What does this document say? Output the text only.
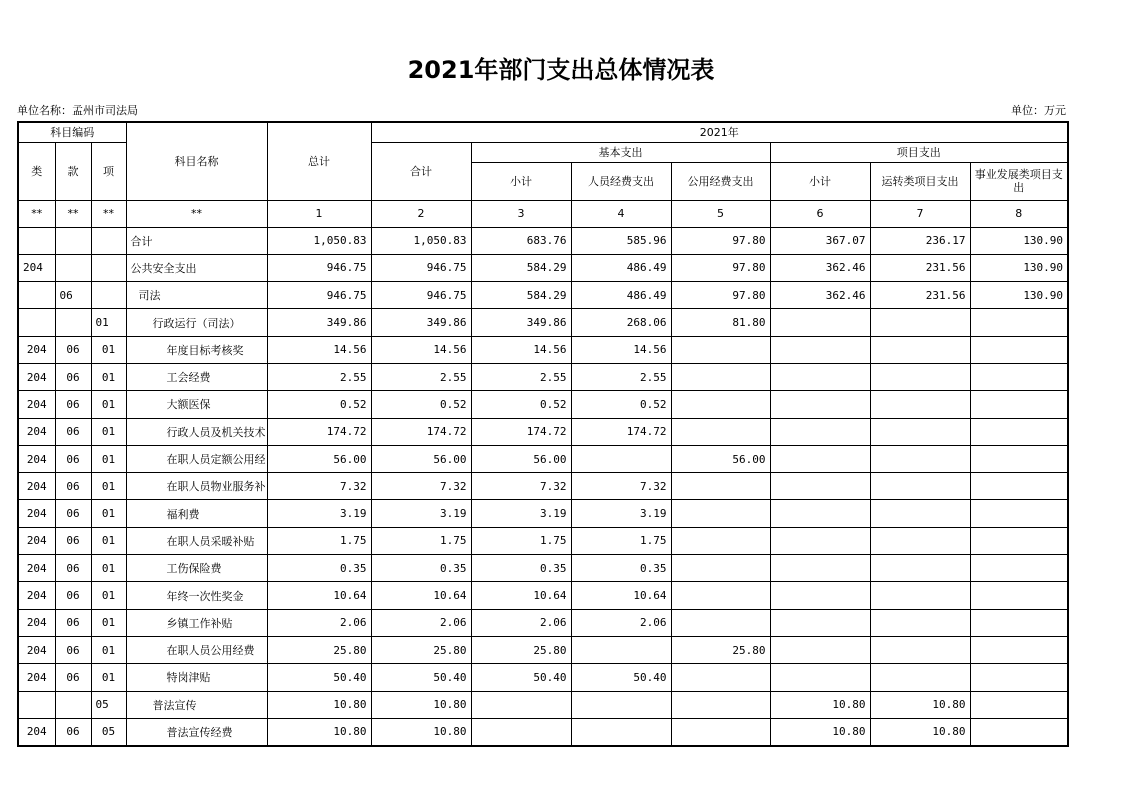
2021年部门支出总体情况表
单位名称：孟州市司法局	单位：万元
科目编码			科目名称	总计	2021年						
类	款	项			合计	基本支出			项目支出		
						小计	人员经费支出	公用经费支出	小计	运转类项目支出	事业发展类项目支出
**	**	**	**	1	2	3	4	5	6	7	8
			合计	1,050.83	1,050.83	683.76	585.96	97.80	367.07	236.17	130.90
204			公共安全支出	946.75	946.75	584.29	486.49	97.80	362.46	231.56	130.90
	06		司法	946.75	946.75	584.29	486.49	97.80	362.46	231.56	130.90
		01	行政运行（司法）	349.86	349.86	349.86	268.06	81.80			
204	06	01	年度目标考核奖	14.56	14.56	14.56	14.56				
204	06	01	工会经费	2.55	2.55	2.55	2.55				
204	06	01	大额医保	0.52	0.52	0.52	0.52				
204	06	01	行政人员及机关技术	174.72	174.72	174.72	174.72				
204	06	01	在职人员定额公用经	56.00	56.00	56.00		56.00			
204	06	01	在职人员物业服务补	7.32	7.32	7.32	7.32				
204	06	01	福利费	3.19	3.19	3.19	3.19				
204	06	01	在职人员采暖补贴	1.75	1.75	1.75	1.75				
204	06	01	工伤保险费	0.35	0.35	0.35	0.35				
204	06	01	年终一次性奖金	10.64	10.64	10.64	10.64				
204	06	01	乡镇工作补贴	2.06	2.06	2.06	2.06				
204	06	01	在职人员公用经费	25.80	25.80	25.80		25.80			
204	06	01	特岗津贴	50.40	50.40	50.40	50.40				
		05	普法宣传	10.80	10.80				10.80	10.80	
204	06	05	普法宣传经费	10.80	10.80				10.80	10.80	
